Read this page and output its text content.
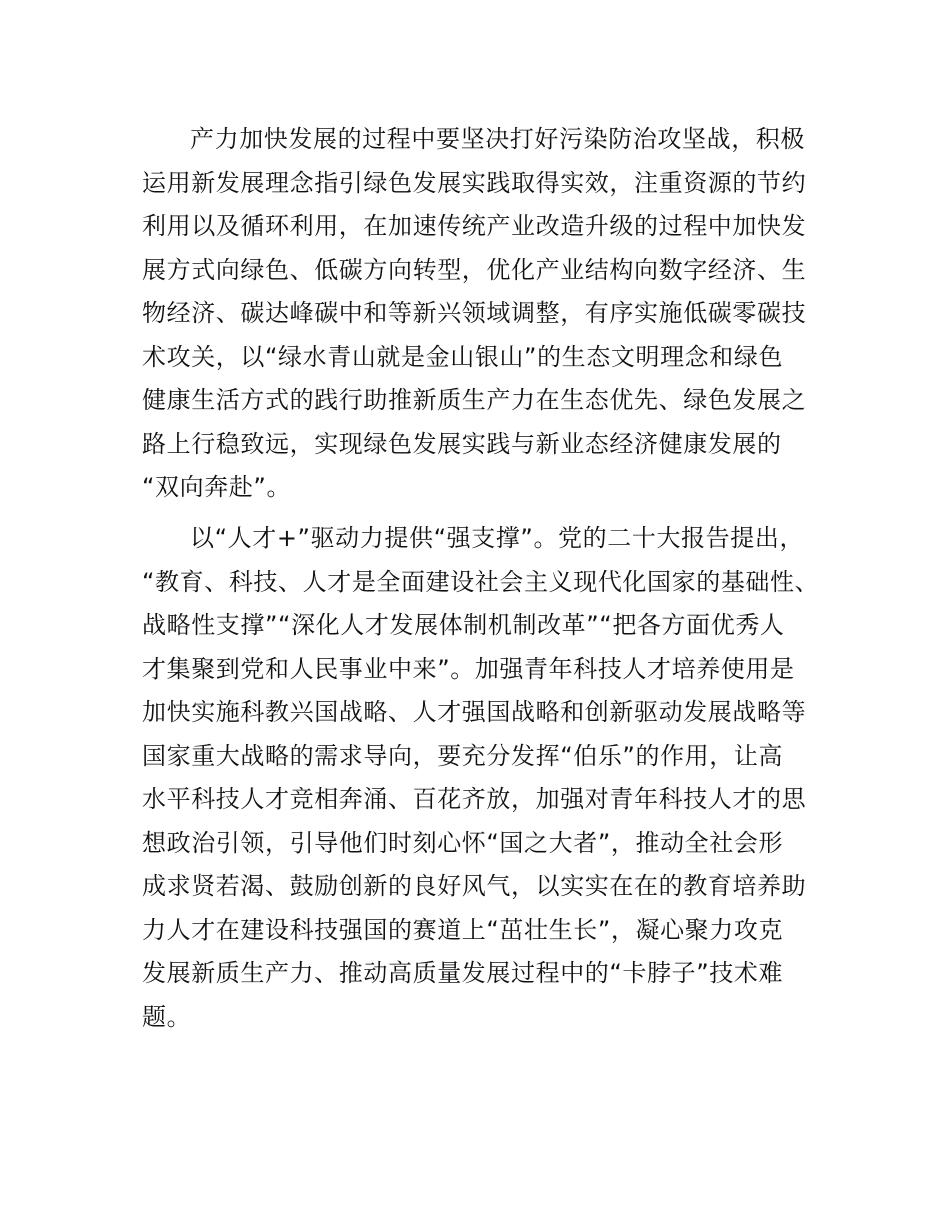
产力加快发展的过程中要坚决打好污染防治攻坚战，积极
运用新发展理念指引绿色发展实践取得实效，注重资源的节约
利用以及循环利用，在加速传统产业改造升级的过程中加快发
展方式向绿色、低碳方向转型，优化产业结构向数字经济、生
物经济、碳达峰碳中和等新兴领域调整，有序实施低碳零碳技
术攻关，以“绿水青山就是金山银山”的生态文明理念和绿色
健康生活方式的践行助推新质生产力在生态优先、绿色发展之
路上行稳致远，实现绿色发展实践与新业态经济健康发展的
“双向奔赴”。
以“人才+”驱动力提供“强支撑”。党的二十大报告提出，
“教育、科技、人才是全面建设社会主义现代化国家的基础性、
战略性支撑”“深化人才发展体制机制改革”“把各方面优秀人
才集聚到党和人民事业中来”。加强青年科技人才培养使用是
加快实施科教兴国战略、人才强国战略和创新驱动发展战略等
国家重大战略的需求导向，要充分发挥“伯乐”的作用，让高
水平科技人才竞相奔涌、百花齐放，加强对青年科技人才的思
想政治引领，引导他们时刻心怀“国之大者”，推动全社会形
成求贤若渴、鼓励创新的良好风气，以实实在在的教育培养助
力人才在建设科技强国的赛道上“茁壮生长”，凝心聚力攻克
发展新质生产力、推动高质量发展过程中的“卡脖子”技术难
题。
